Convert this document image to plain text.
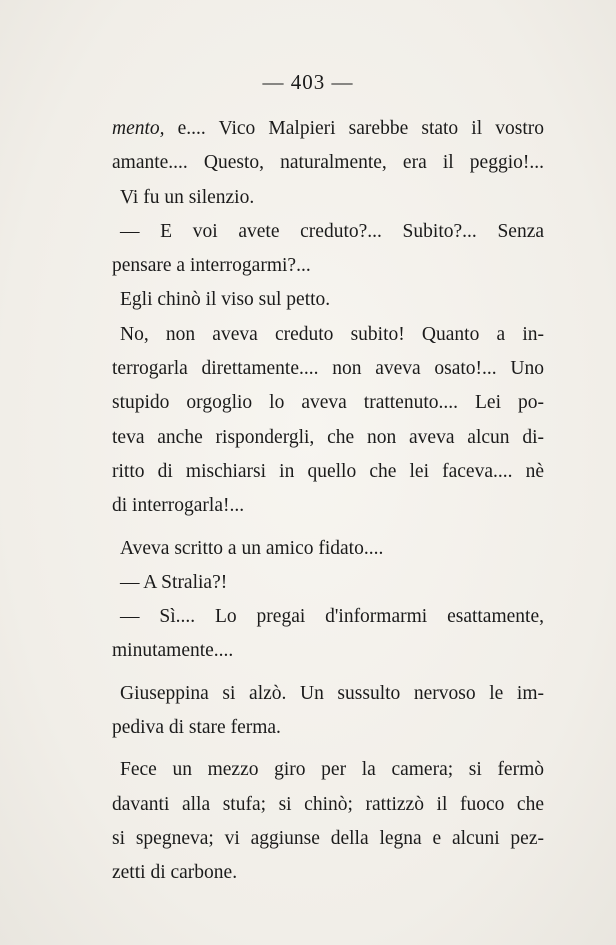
— 403 —
mento, e.... Vico Malpieri sarebbe stato il vostro
amante.... Questo, naturalmente, era il peggio!...
Vi fu un silenzio.
— E voi avete creduto?... Subito?... Senza
pensare a interrogarmi?...
Egli chinò il viso sul petto.
No, non aveva creduto subito! Quanto a in-
terrogarla direttamente.... non aveva osato!... Uno
stupido orgoglio lo aveva trattenuto.... Lei po-
teva anche rispondergli, che non aveva alcun di-
ritto di mischiarsi in quello che lei faceva.... nè
di interrogarla!...
Aveva scritto a un amico fidato....
— A Stralia?!
— Sì.... Lo pregai d'informarmi esattamente,
minutamente....
Giuseppina si alzò. Un sussulto nervoso le im-
pediva di stare ferma.
Fece un mezzo giro per la camera; si fermò
davanti alla stufa; si chinò; rattizzò il fuoco che
si spegneva; vi aggiunse della legna e alcuni pez-
zetti di carbone.
